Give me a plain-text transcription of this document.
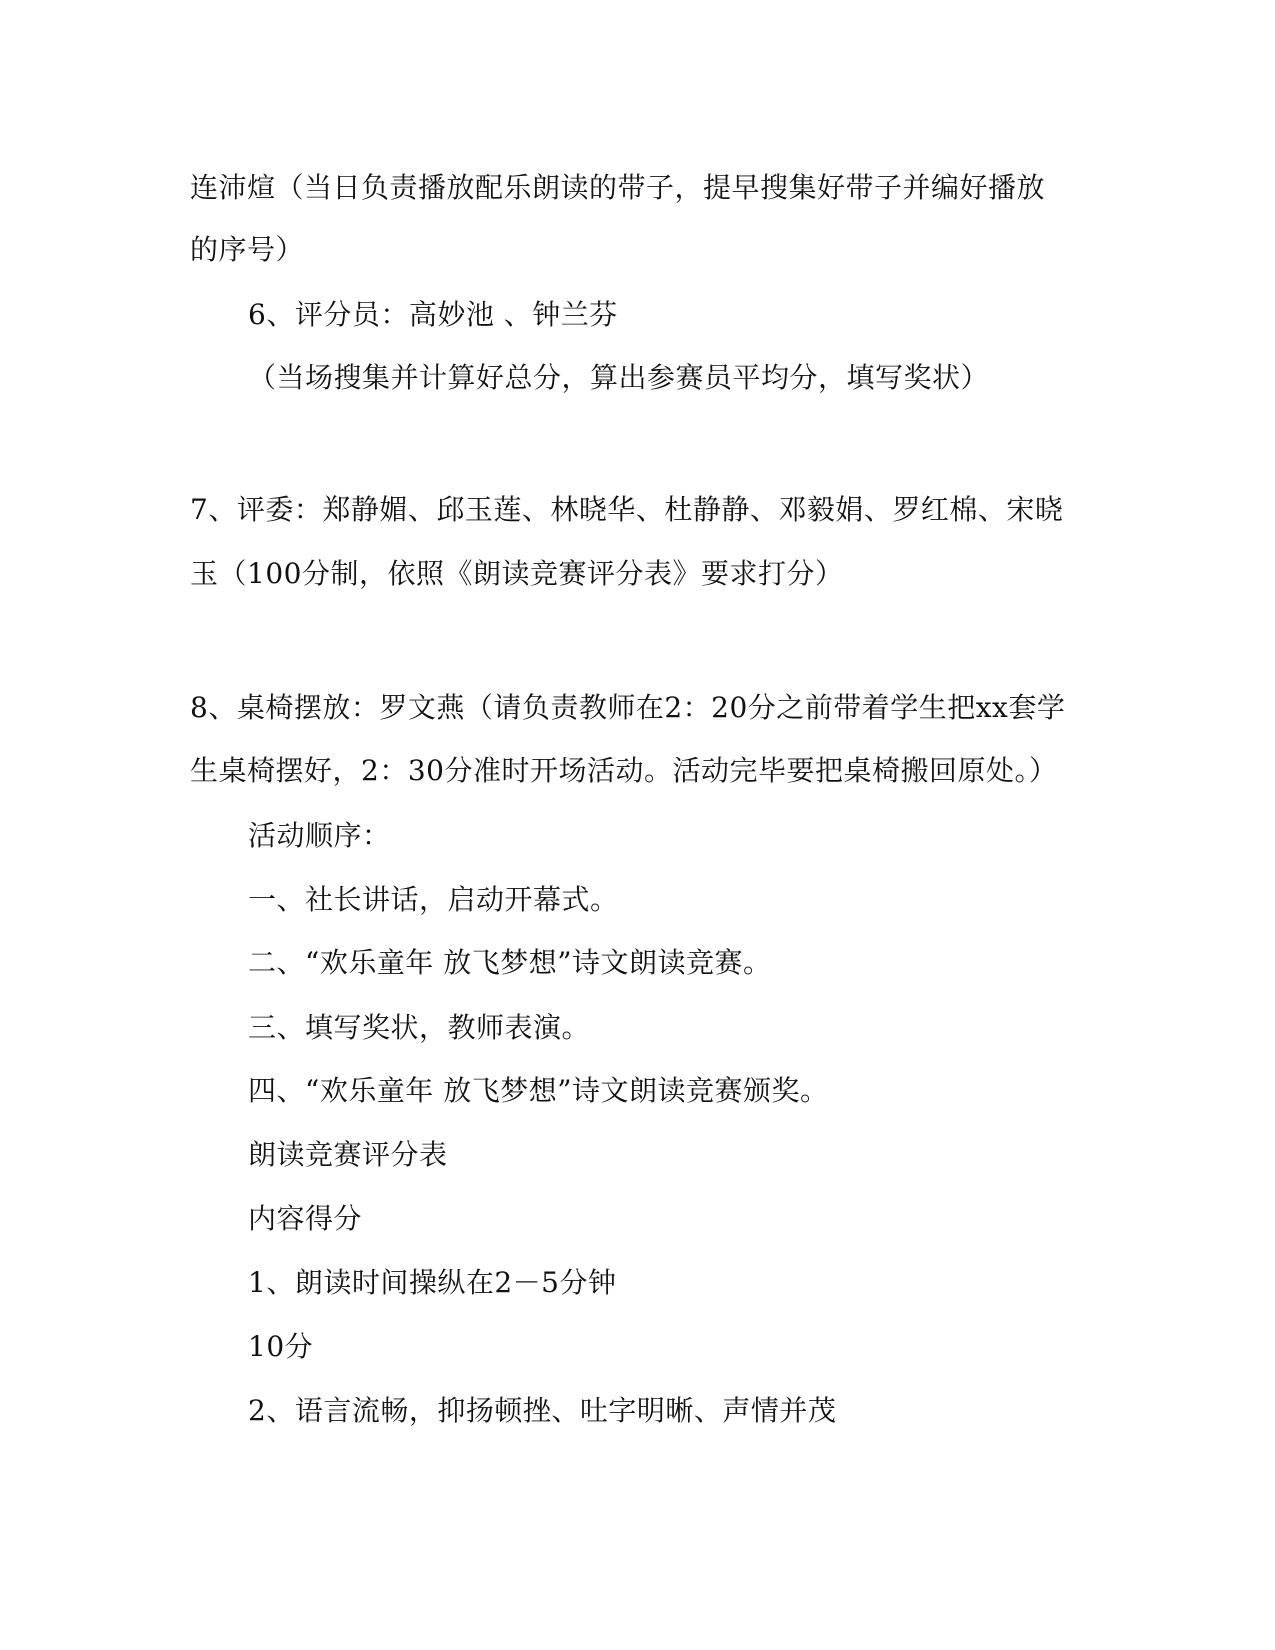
连沛煊（当日负责播放配乐朗读的带子，提早搜集好带子并编好播放
的序号）
6、评分员：高妙池 、钟兰芬
（当场搜集并计算好总分，算出参赛员平均分，填写奖状）
7、评委：郑静媚、邱玉莲、林晓华、杜静静、邓毅娟、罗红棉、宋晓
玉（100分制，依照《朗读竞赛评分表》要求打分）
8、桌椅摆放：罗文燕（请负责教师在2：20分之前带着学生把xx套学
生桌椅摆好，2：30分准时开场活动。活动完毕要把桌椅搬回原处。）
活动顺序：
一、社长讲话，启动开幕式。
二、“欢乐童年 放飞梦想”诗文朗读竞赛。
三、填写奖状，教师表演。
四、“欢乐童年 放飞梦想”诗文朗读竞赛颁奖。
朗读竞赛评分表
内容得分
1、朗读时间操纵在2－5分钟
10分
2、语言流畅，抑扬顿挫、吐字明晰、声情并茂
